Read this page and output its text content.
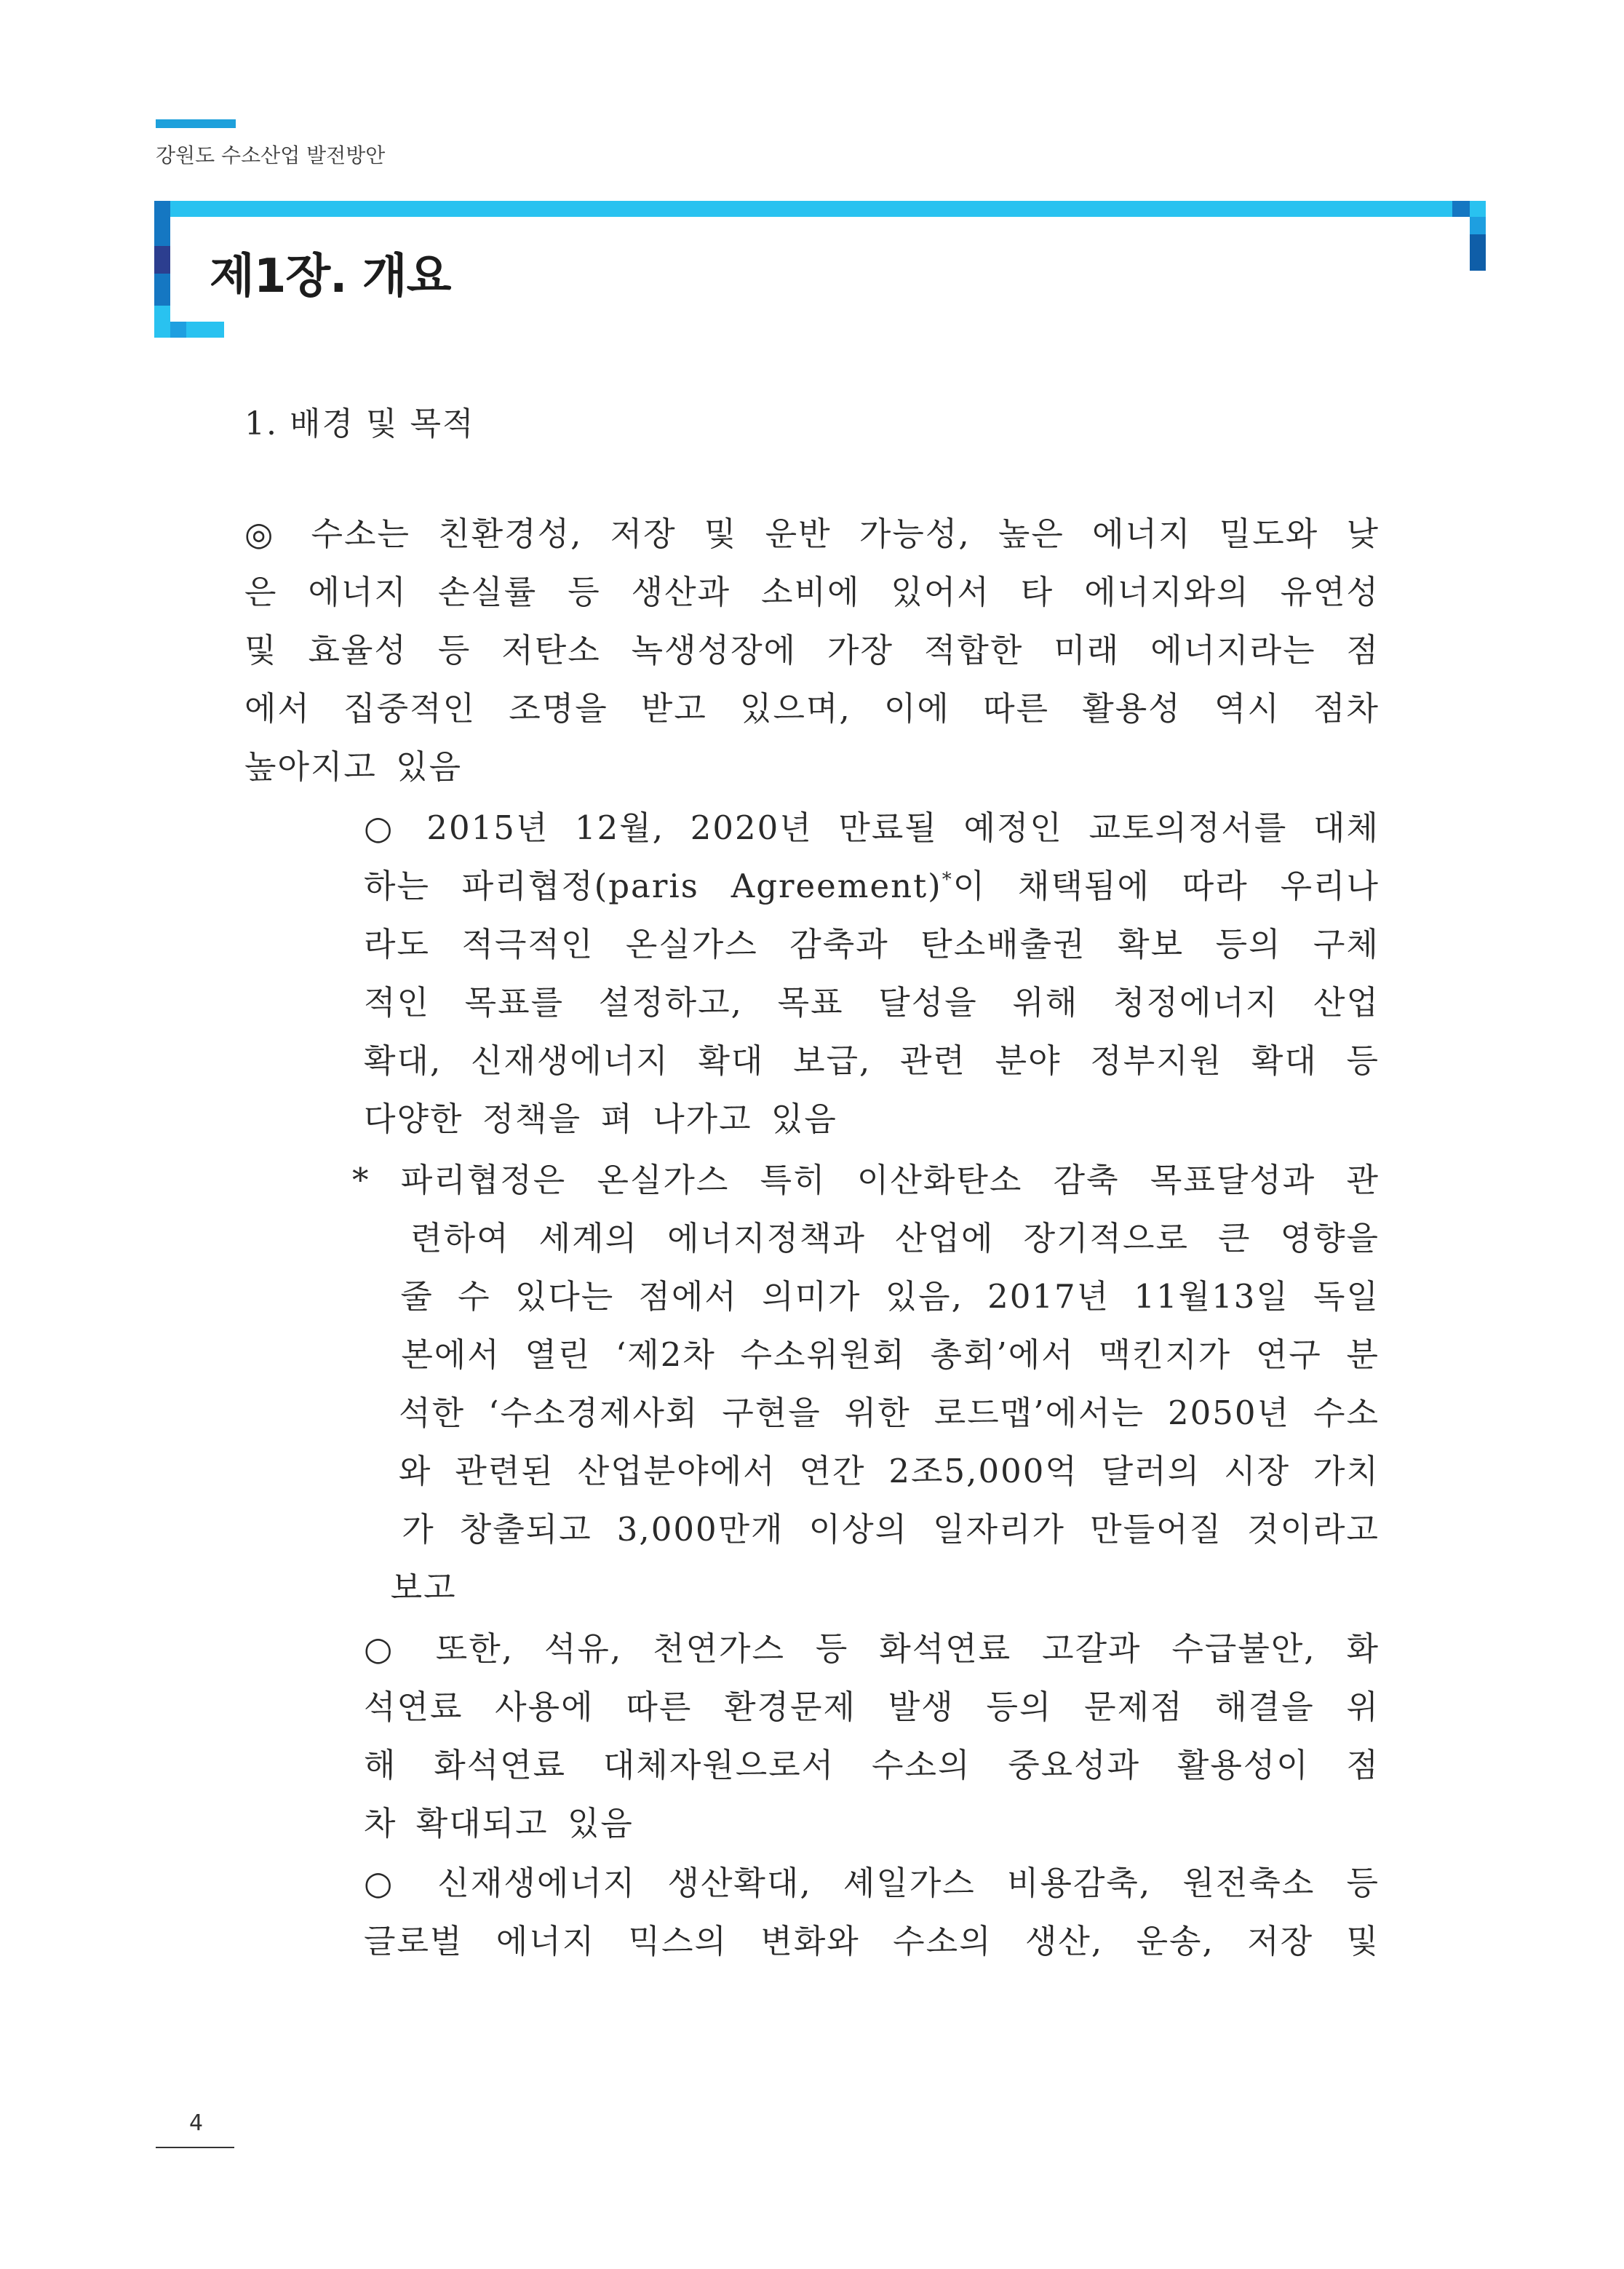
강원도 수소산업 발전방안
제1장. 개요
1. 배경 및 목적
◎ 수소는 친환경성, 저장 및 운반 가능성, 높은 에너지 밀도와 낮
은 에너지 손실률 등 생산과 소비에 있어서 타 에너지와의 유연성
및 효율성 등 저탄소 녹생성장에 가장 적합한 미래 에너지라는 점
에서 집중적인 조명을 받고 있으며, 이에 따른 활용성 역시 점차
높아지고 있음
○ 2015년 12월, 2020년 만료될 예정인 교토의정서를 대체
하는 파리협정(paris Agreement)*이 채택됨에 따라 우리나
라도 적극적인 온실가스 감축과 탄소배출권 확보 등의 구체
적인 목표를 설정하고, 목표 달성을 위해 청정에너지 산업
확대, 신재생에너지 확대 보급, 관련 분야 정부지원 확대 등
다양한 정책을 펴 나가고 있음
* 파리협정은 온실가스 특히 이산화탄소 감축 목표달성과 관
련하여 세계의 에너지정책과 산업에 장기적으로 큰 영향을
줄 수 있다는 점에서 의미가 있음, 2017년 11월13일 독일
본에서 열린 ‘제2차 수소위원회 총회’에서 맥킨지가 연구 분
석한 ‘수소경제사회 구현을 위한 로드맵’에서는 2050년 수소
와 관련된 산업분야에서 연간 2조5,000억 달러의 시장 가치
가 창출되고 3,000만개 이상의 일자리가 만들어질 것이라고
보고
○ 또한, 석유, 천연가스 등 화석연료 고갈과 수급불안, 화
석연료 사용에 따른 환경문제 발생 등의 문제점 해결을 위
해 화석연료 대체자원으로서 수소의 중요성과 활용성이 점
차 확대되고 있음
○ 신재생에너지 생산확대, 셰일가스 비용감축, 원전축소 등
글로벌 에너지 믹스의 변화와 수소의 생산, 운송, 저장 및
4
